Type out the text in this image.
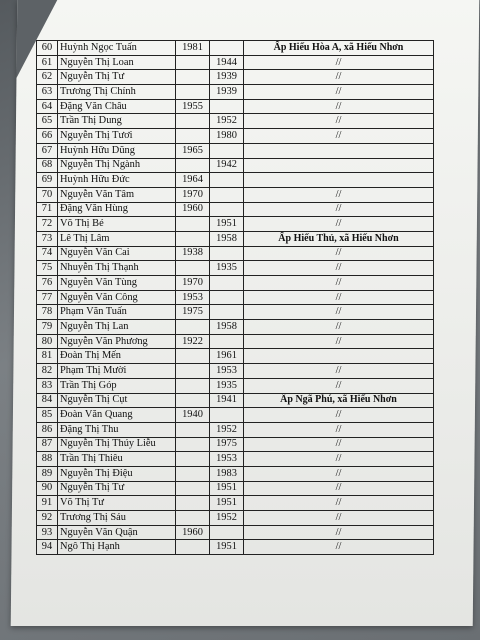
60	Huỳnh Ngọc Tuấn	1981		Ấp Hiếu Hòa A, xã Hiếu Nhơn
61	Nguyễn Thị Loan		1944	//
62	Nguyễn Thị Tư		1939	//
63	Trương Thị Chính		1939	//
64	Đặng Văn Châu	1955		//
65	Trần Thị Dung		1952	//
66	Nguyễn Thị Tươi		1980	//
67	Huỳnh Hữu Dũng	1965		
68	Nguyễn Thị Ngành		1942	
69	Huỳnh Hữu Đức	1964		
70	Nguyễn Văn Tâm	1970		//
71	Đặng Văn Hùng	1960		//
72	Võ Thị Bé		1951	//
73	Lê Thị Lâm		1958	Ấp Hiếu Thủ, xã Hiếu Nhơn
74	Nguyễn Văn Cai	1938		//
75	Nhuyễn Thị Thạnh		1935	//
76	Nguyễn Văn Tùng	1970		//
77	Nguyễn Văn Công	1953		//
78	Phạm Văn Tuấn	1975		//
79	Nguyễn Thị Lan		1958	//
80	Nguyễn Văn Phương	1922		//
81	Đoàn Thị Mến		1961	
82	Phạm Thị Mười		1953	//
83	Trần Thị Góp		1935	//
84	Nguyễn Thị Cụt		1941	Ấp Ngã Phú, xã Hiếu Nhơn
85	Đoàn Văn Quang	1940		//
86	Đặng Thị Thu		1952	//
87	Nguyễn Thị Thúy Liễu		1975	//
88	Trần Thị Thiêu		1953	//
89	Nguyễn Thị Điệu		1983	//
90	Nguyễn Thị Tư		1951	//
91	Võ Thị Tư		1951	//
92	Trương Thị Sáu		1952	//
93	Nguyễn Văn Quận	1960		//
94	Ngô Thị Hạnh		1951	//
